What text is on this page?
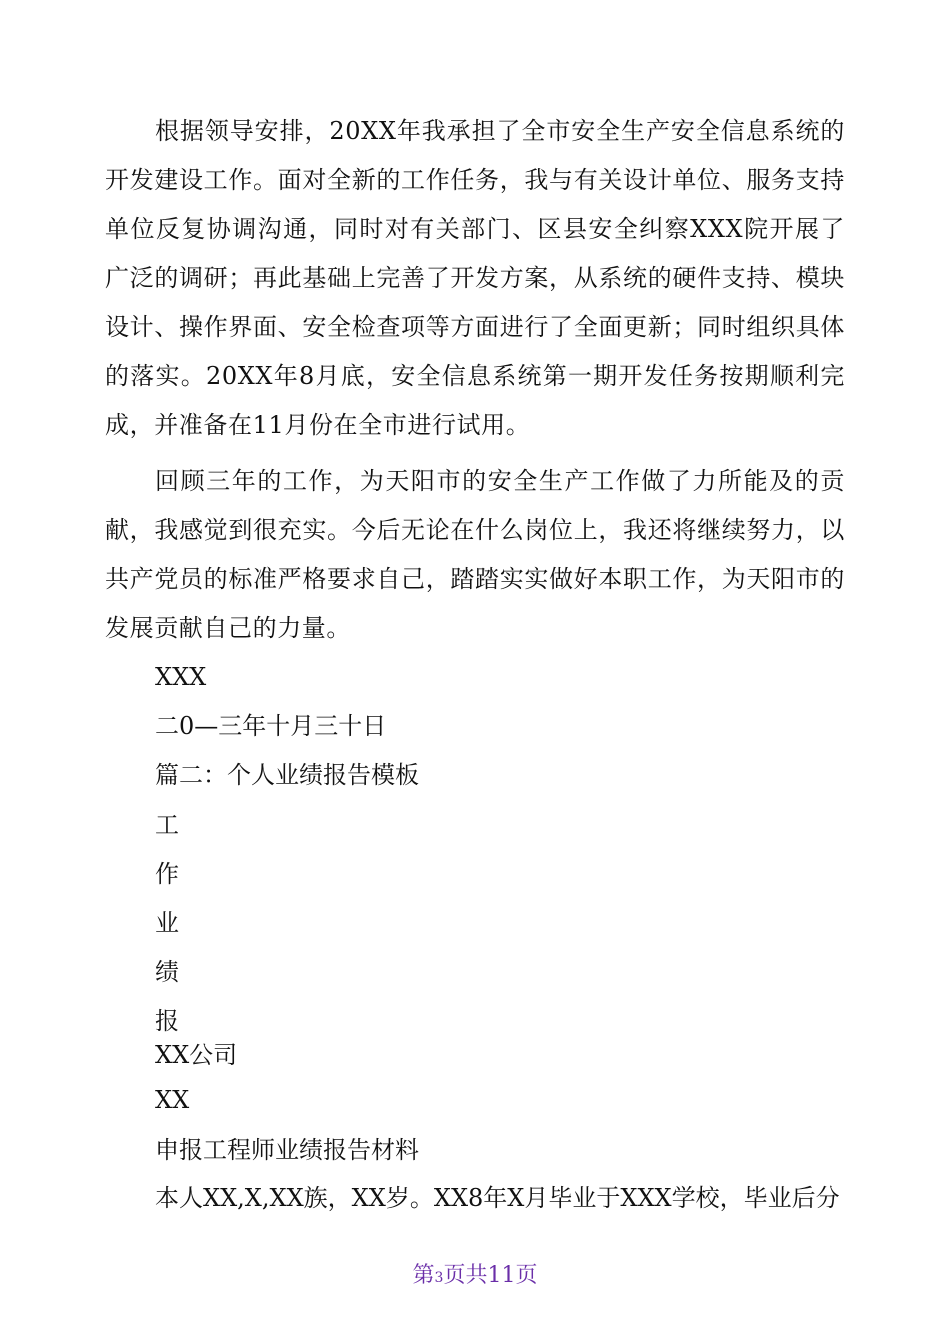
根据领导安排，20XX年我承担了全市安全生产安全信息系统的开发建设工作。面对全新的工作任务，我与有关设计单位、服务支持单位反复协调沟通，同时对有关部门、区县安全纠察XXX院开展了广泛的调研；再此基础上完善了开发方案，从系统的硬件支持、模块设计、操作界面、安全检查项等方面进行了全面更新；同时组织具体的落实。20XX年8月底，安全信息系统第一期开发任务按期顺利完成，并准备在11月份在全市进行试用。

回顾三年的工作，为天阳市的安全生产工作做了力所能及的贡献，我感觉到很充实。今后无论在什么岗位上，我还将继续努力，以共产党员的标准严格要求自己，踏踏实实做好本职工作，为天阳市的发展贡献自己的力量。

XXX

二0—三年十月三十日

篇二：个人业绩报告模板

工

作

业

绩

报

XX公司

XX

申报工程师业绩报告材料

本人XX,X,XX族，XX岁。XX8年X月毕业于XXX学校，毕业后分

第3页共11页
